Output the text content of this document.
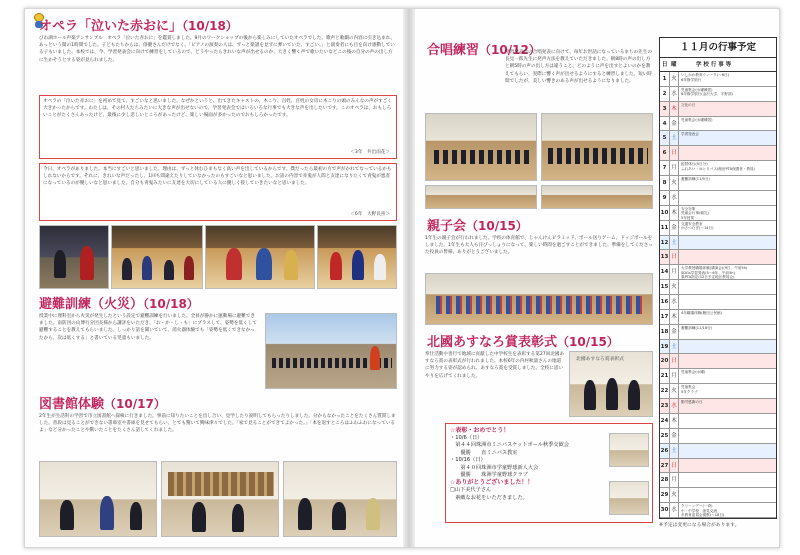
オペラ「泣いた赤おに」（10/18）
びわ湖ホール声楽アンサンブル　オペラ「泣いた赤おに」を鑑賞しました。9月のワークショップの後から楽しみにしていたオペラでした。歌声と歌劇の内容に引き込まれ、あっという間の1時間でした。子どもたちからは、俳優さんだけでなく、「ピアノの演奏の人は、ずっと楽譜を見ずに弾いていた、すごい。」と演奏者にも目を向け感動している子もいました。本校では、今、学習発表会に向けて練習をしているので、どうやったらきれいな声が出せるのか、大きく響く声で歌いたいなどこの後の自分の声の出し方に生かそうとする姿が見られました。
オペラの「泣いた赤おに」を初めて見て、すごいなと思いました。なぜかというと、出てきたキャストの、木こり、百姓、百姓の女房に木こりの頭のみんなの声がすごく大きかったからです。わたしは、その村人たちみたいに大きな声が出せないので、学習発表会ではいろいろな行事でも大きな声を出したいです。このオペラは、おもしろいことがたくさんあったけど、最後に少し悲しいところがあったけど、楽しい場面が多かったのでおもしろかったです。
＜3年　井出雨花＞
今日、オペラがありました。本当にすごいと思いました。理由は、ずっと休むひまもなく高い声を出しているからです。僕だったら最初の方で声がかれてなっているかもしれないからです。それに、きれいな声だったし、1回も間違えたりしていなかったのもすごいなと思いました。お話の内容で赤鬼が人間と友達になりたくて青鬼が悪者になっているのが優しいなと思いました。自分も青鬼みたいに友達を大切にしている人に優しく接していきたいなと思いました。
＜6年　大野長喜＞
避難訓練（火災）（10/18）
授業中に理科室から火災が発生したという設定で避難訓練を行いました。全員が静かに運動場に避難できました。南防団の山博行分団長様から講評をいただき、「お・か・し・も」にプラスして、姿勢を低くして避難することを教えてもらいました。しっかり話を聞いていて、消火器体験でも「姿勢を低くできなかったから、次は低くする」と書いている児童もいました。
図書館体験（10/17）
2年生が生活科の学習で市立図書館へ探検に行きました。事前に知りたいことを出し合い、見学したり説明してもらったりしました。分からなかったことをたくさん質問しました。普段は見ることができない書庫室や書庫を見せてもらい、とても驚いて興味津々でした。「家で見ることができてよかった。」「本を返すところはふわふわになっているよ」など分かったことや驚いたことをたくさん話してくれました。
合唱練習（10/12）
学習発表会の合唱発表に向けて、毎年お世話になっているまちの先生の長見一郎先生に発声方法を教えていただきました。朝8時の声の出し方と朝5時の声の出し方は違うこと、どのように声を出すとよいのかを教えてもらい、実際に響く声が出せるようにすると練習しました。短い時間でしたが、美しい響きのある声が出せるようになりました。
親子会（10/15）
1年生の親子会が行われました。学校の体育館で、じゃんけんピラミッド、ボール送りゲーム、ドッジボールをしました。1年生も大人も汗びっしょりになって、楽しい時間を過ごすことができました。準備をしてくださった役員の皆様、ありがとうございました。
北國あすなろ賞表彰式（10/15）
奉仕活動や善行で地域に貢献した中学校生を表彰する第27回北國あすなろ賞の表彰式が行われました。本校6年の内村秋量さんの地道に努力する姿が認められ、あすなろ賞を受賞しました。全校に思いやりを広げてくれました。
北國あすなろ賞表彰式
☆表彰・おめでとう！
・10/6（日）
　第４４回珠洲市ミニバスケットボール秋季交歓会
　　優勝　　直ミニバス教室
・10/16（日）
　　第４０回珠洲市学童野球新人大会
　　優勝　　珠洲学童野球クラブ
☆ありがとうございました！！
□山下美代子さん
　素敵なお花をいただきました。
１１月の行事予定
日 曜	学 校 行 事 等
1 火
いしかわ教育ウィーク(～6日)
6年修学旅行
2 水
児童集会(水曜練習)
6年修学旅行(金沢大学、宇野部)
3 木
文化の日
4 金
児童集会(水曜練習)
5 土
学習発表会
6 日
7 月
振替休日(5日分)
ふれあい・ゆとりパス(飯田PTA保護者・教員)
8 火
避難訓練(11/9分)
9 水
10 木
安全対策
児童会行事(朝礼)
5年授業

11 金
交通安全教室
かさつむぎ(～14日)
12 土
13 日
14 月
大学教授職場体験(講演会)(9日、午前5h)
SDGs学習発表(5～6年、午前5h)
県PTA指定(12日予定地区教員会)
15 火
16 水
17 木
4年職場体験(飯田公民館)
18 金
避難訓練(11/18分)
19 土
20 日
21 月
児童集会(水曜)
22 火
児童集会
5年クラブ
23 水
勤労感謝の日
24 木
25 金
26 土
27 日
28 月
29 火
30 水
クリーンデー(一斉)
小・中学校　諸見交流
市教育委員会視察(～18日)
※予定は変更になる場合があります。
